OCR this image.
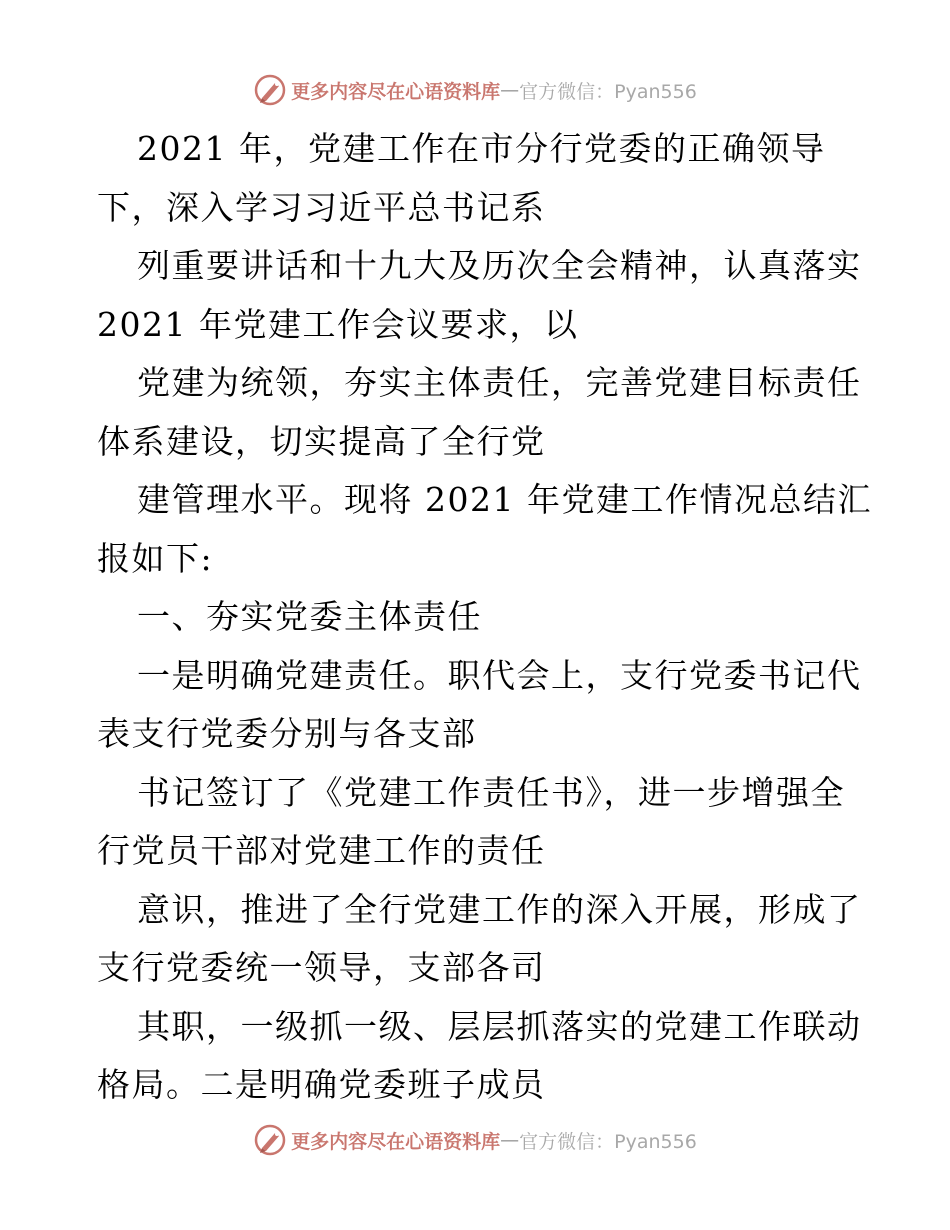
更多内容尽在心语资料库 — 官方微信：Pyan556
2021 年，党建工作在市分行党委的正确领导
下，深入学习习近平总书记系
列重要讲话和十九大及历次全会精神，认真落实
2021 年党建工作会议要求，以
党建为统领，夯实主体责任，完善党建目标责任
体系建设，切实提高了全行党
建管理水平。现将 2021 年党建工作情况总结汇
报如下:
一、夯实党委主体责任
一是明确党建责任。职代会上，支行党委书记代
表支行党委分别与各支部
书记签订了《党建工作责任书》，进一步增强全
行党员干部对党建工作的责任
意识，推进了全行党建工作的深入开展，形成了
支行党委统一领导，支部各司
其职，一级抓一级、层层抓落实的党建工作联动
格局。二是明确党委班子成员
更多内容尽在心语资料库 — 官方微信：Pyan556
